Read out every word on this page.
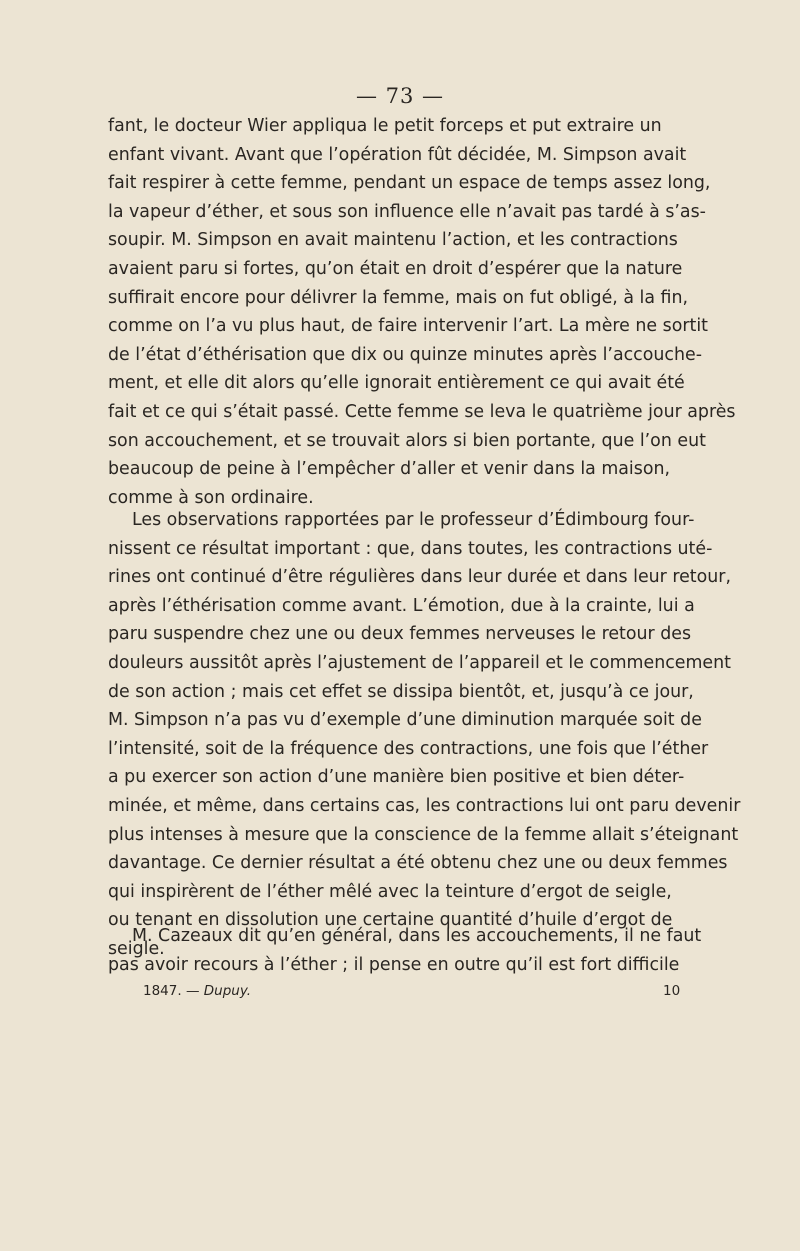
— 73 —
fant, le docteur Wier appliqua le petit forceps et put extraire un
enfant vivant. Avant que l’opération fût décidée, M. Simpson avait
fait respirer à cette femme, pendant un espace de temps assez long,
la vapeur d’éther, et sous son influence elle n’avait pas tardé à s’as-
soupir. M. Simpson en avait maintenu l’action, et les contractions
avaient paru si fortes, qu’on était en droit d’espérer que la nature
suffirait encore pour délivrer la femme, mais on fut obligé, à la fin,
comme on l’a vu plus haut, de faire intervenir l’art. La mère ne sortit
de l’état d’éthérisation que dix ou quinze minutes après l’accouche-
ment, et elle dit alors qu’elle ignorait entièrement ce qui avait été
fait et ce qui s’était passé. Cette femme se leva le quatrième jour après
son accouchement, et se trouvait alors si bien portante, que l’on eut
beaucoup de peine à l’empêcher d’aller et venir dans la maison,
comme à son ordinaire.
Les observations rapportées par le professeur d’Édimbourg four-
nissent ce résultat important : que, dans toutes, les contractions uté-
rines ont continué d’être régulières dans leur durée et dans leur retour,
après l’éthérisation comme avant. L’émotion, due à la crainte, lui a
paru suspendre chez une ou deux femmes nerveuses le retour des
douleurs aussitôt après l’ajustement de l’appareil et le commencement
de son action ; mais cet effet se dissipa bientôt, et, jusqu’à ce jour,
M. Simpson n’a pas vu d’exemple d’une diminution marquée soit de
l’intensité, soit de la fréquence des contractions, une fois que l’éther
a pu exercer son action d’une manière bien positive et bien déter-
minée, et même, dans certains cas, les contractions lui ont paru devenir
plus intenses à mesure que la conscience de la femme allait s’éteignant
davantage. Ce dernier résultat a été obtenu chez une ou deux femmes
qui inspirèrent de l’éther mêlé avec la teinture d’ergot de seigle,
ou tenant en dissolution une certaine quantité d’huile d’ergot de
seigle.
M. Cazeaux dit qu’en général, dans les accouchements, il ne faut
pas avoir recours à l’éther ; il pense en outre qu’il est fort difficile
1847. — Dupuy.	10
